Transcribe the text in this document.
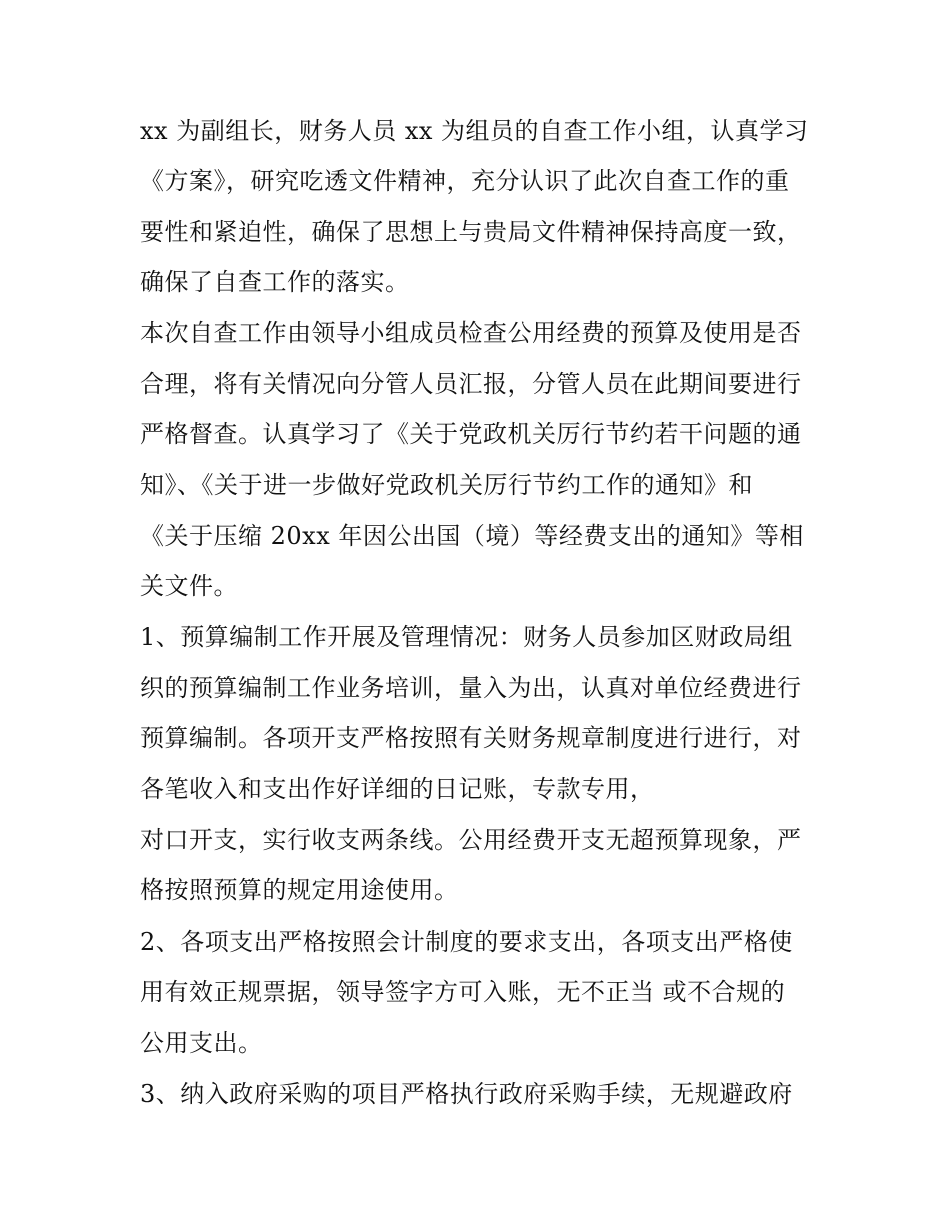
xx 为副组长，财务人员 xx 为组员的自查工作小组，认真学习
《方案》，研究吃透文件精神，充分认识了此次自查工作的重
要性和紧迫性，确保了思想上与贵局文件精神保持高度一致，
确保了自查工作的落实。
本次自查工作由领导小组成员检查公用经费的预算及使用是否
合理，将有关情况向分管人员汇报，分管人员在此期间要进行
严格督查。认真学习了《关于党政机关厉行节约若干问题的通
知》、《关于进一步做好党政机关厉行节约工作的通知》和
《关于压缩 20xx 年因公出国（境）等经费支出的通知》等相
关文件。
1、预算编制工作开展及管理情况：财务人员参加区财政局组
织的预算编制工作业务培训，量入为出，认真对单位经费进行
预算编制。各项开支严格按照有关财务规章制度进行进行，对
各笔收入和支出作好详细的日记账，专款专用，
对口开支，实行收支两条线。公用经费开支无超预算现象，严
格按照预算的规定用途使用。
2、各项支出严格按照会计制度的要求支出，各项支出严格使
用有效正规票据，领导签字方可入账，无不正当 或不合规的
公用支出。
3、纳入政府采购的项目严格执行政府采购手续，无规避政府
